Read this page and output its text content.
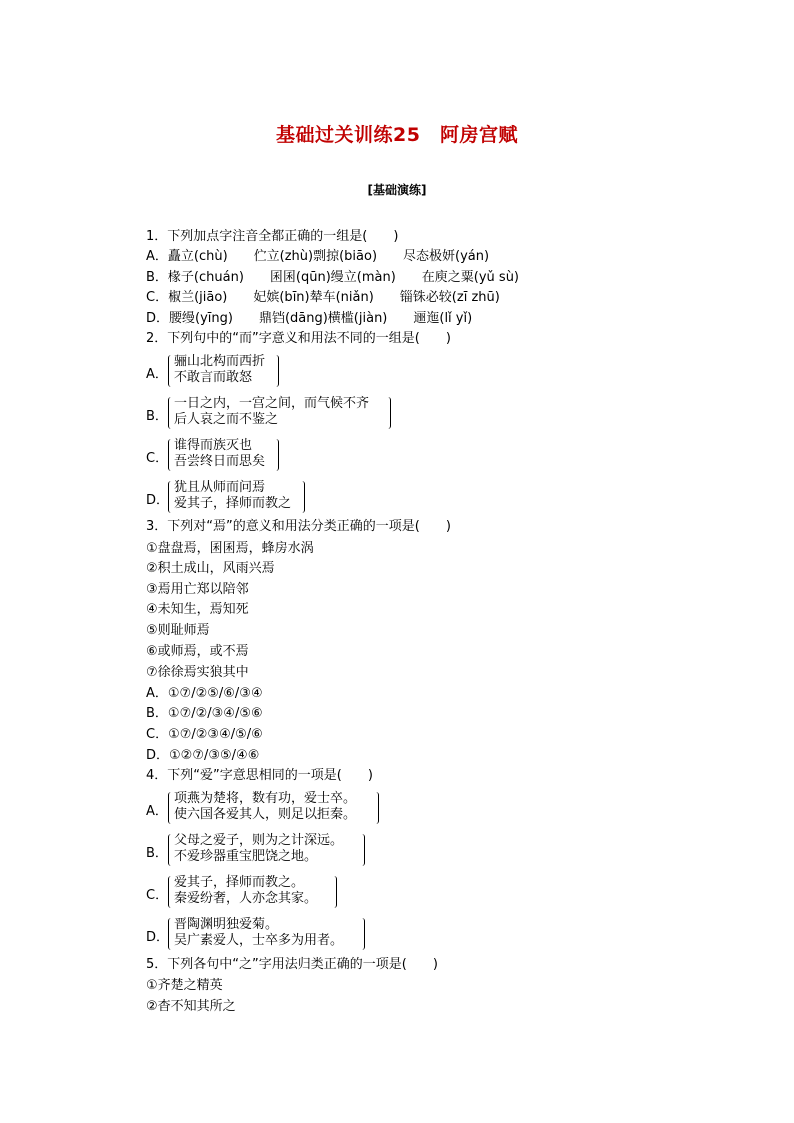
基础过关训练25　阿房宫赋
[基础演练]
1．下列加点字注音全都正确的一组是(　　)
A．矗立(chù)　　伫立(zhù)剽掠(biāo)　　尽态极妍(yán)
B．椽子(chuán)　　囷囷(qūn)缦立(màn)　　在庾之粟(yǔ sù)
C．椒兰(jiāo)　　妃嫔(bīn)辇车(niǎn)　　锱铢必较(zī zhū)
D．腰缦(yīng)　　鼎铛(dāng)横槛(jiàn)　　逦迤(lǐ yǐ)
2．下列句中的“而”字意义和用法不同的一组是(　　)
A．
骊山北构而西折
不敢言而敢怒
B．
一日之内，一宫之间，而气候不齐
后人哀之而不鉴之
C．
谁得而族灭也
吾尝终日而思矣
D．
犹且从师而问焉
爱其子，择师而教之
3．下列对“焉”的意义和用法分类正确的一项是(　　)
①盘盘焉，囷囷焉，蜂房水涡
②积土成山，风雨兴焉
③焉用亡郑以陪邻
④未知生，焉知死
⑤则耻师焉
⑥或师焉，或不焉
⑦徐徐焉实狼其中
A．①⑦/②⑤/⑥/③④
B．①⑦/②/③④/⑤⑥
C．①⑦/②③④/⑤/⑥
D．①②⑦/③⑤/④⑥
4．下列“爱”字意思相同的一项是(　　)
A．
项燕为楚将，数有功，爱士卒。
使六国各爱其人，则足以拒秦。
B．
父母之爱子，则为之计深远。
不爱珍器重宝肥饶之地。
C．
爱其子，择师而教之。
秦爱纷奢，人亦念其家。
D．
晋陶渊明独爱菊。
吴广素爱人，士卒多为用者。
5．下列各句中“之”字用法归类正确的一项是(　　)
①齐楚之精英
②杳不知其所之
